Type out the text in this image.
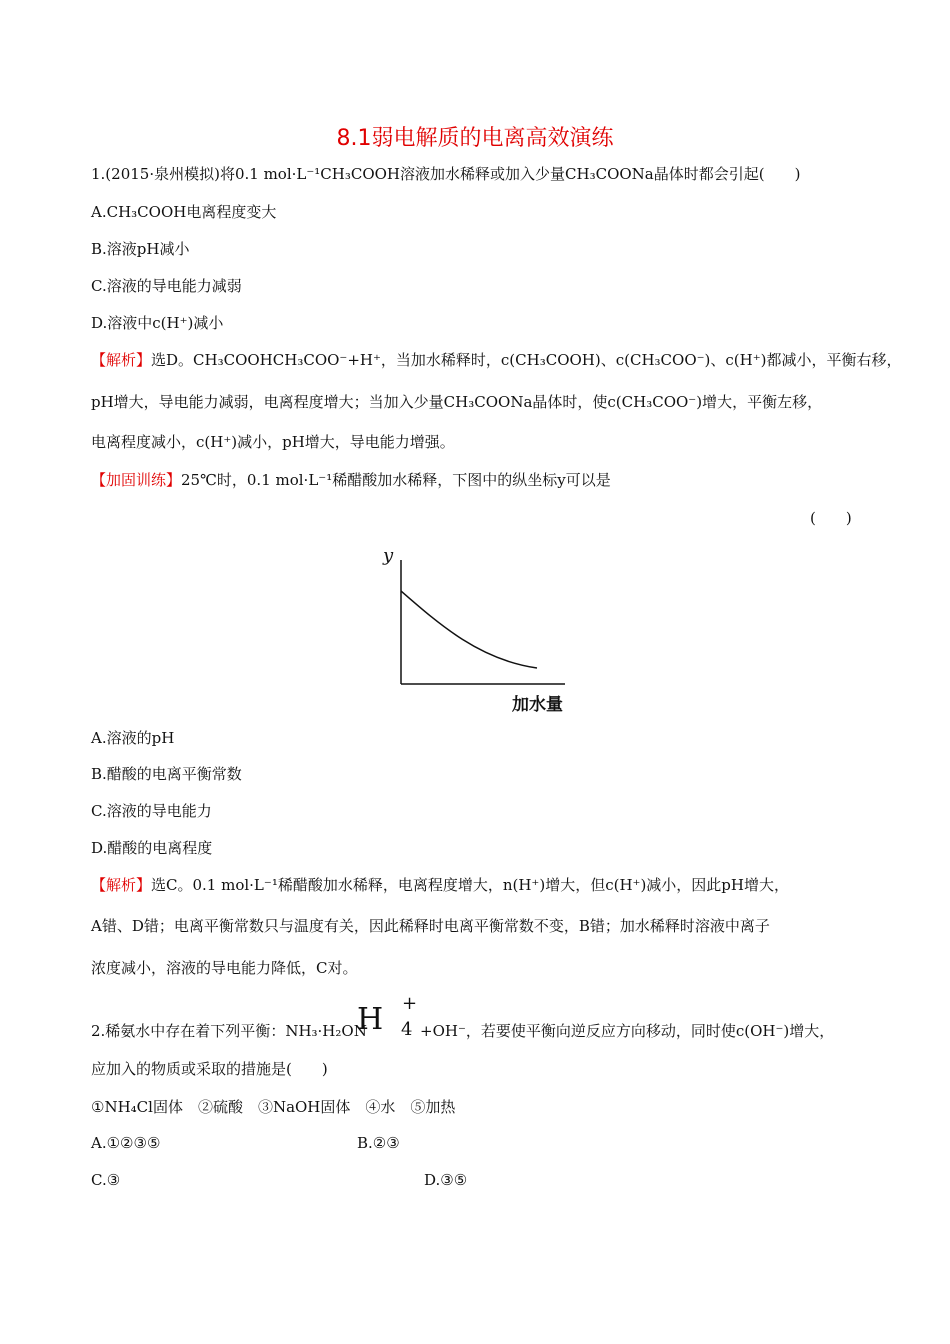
8.1弱电解质的电离高效演练
1.(2015·泉州模拟)将0.1 mol·L⁻¹CH₃COOH溶液加水稀释或加入少量CH₃COONa晶体时都会引起(　　)
A.CH₃COOH电离程度变大
B.溶液pH减小
C.溶液的导电能力减弱
D.溶液中c(H⁺)减小
【解析】选D。CH₃COOHCH₃COO⁻+H⁺，当加水稀释时，c(CH₃COOH)、c(CH₃COO⁻)、c(H⁺)都减小，平衡右移，
pH增大，导电能力减弱，电离程度增大；当加入少量CH₃COONa晶体时，使c(CH₃COO⁻)增大，平衡左移，
电离程度减小，c(H⁺)减小，pH增大，导电能力增强。
【加固训练】25℃时，0.1 mol·L⁻¹稀醋酸加水稀释，下图中的纵坐标y可以是
(　　)
y
加水量
A.溶液的pH
B.醋酸的电离平衡常数
C.溶液的导电能力
D.醋酸的电离程度
【解析】选C。0.1 mol·L⁻¹稀醋酸加水稀释，电离程度增大，n(H⁺)增大，但c(H⁺)减小，因此pH增大，
A错、D错；电离平衡常数只与温度有关，因此稀释时电离平衡常数不变，B错；加水稀释时溶液中离子
浓度减小，溶液的导电能力降低，C对。
2.稀氨水中存在着下列平衡：NH₃·H₂ON
H +
4 +OH⁻，若要使平衡向逆反应方向移动，同时使c(OH⁻)增大，
应加入的物质或采取的措施是(　　)
①NH₄Cl固体　②硫酸　③NaOH固体　④水　⑤加热
A.①②③⑤	B.②③
C.③	D.③⑤
